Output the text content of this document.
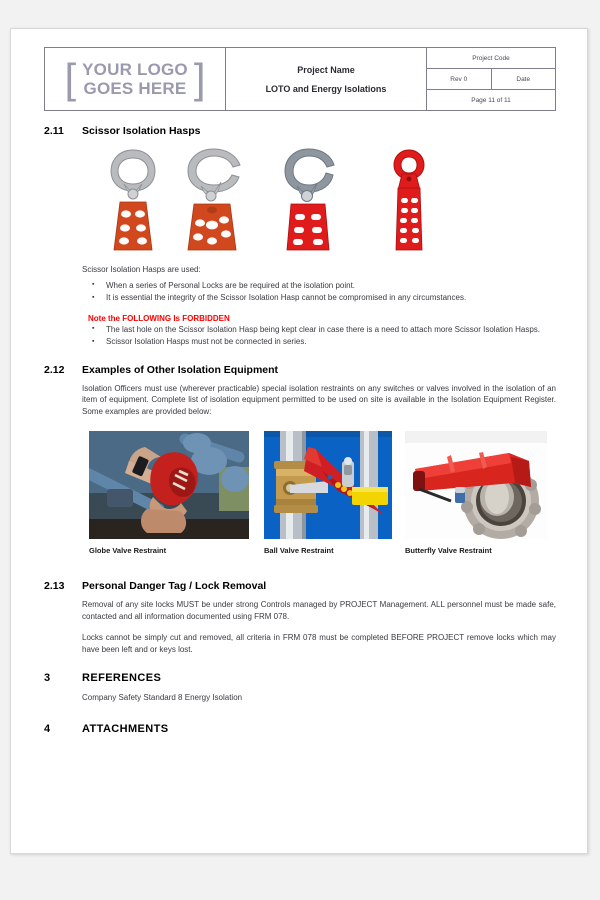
[ YOUR LOGO
GOES HERE ]	Project Name
LOTO and Energy Isolations

Project Code
Rev 0	Date
Page 11 of 11
2.11	Scissor Isolation Hasps
Scissor Isolation Hasps are used:
▪ When a series of Personal Locks are be required at the isolation point.
▪ It is essential the integrity of the Scissor Isolation Hasp cannot be compromised in any circumstances.
Note the FOLLOWING Is FORBIDDEN
▪ The last hole on the Scissor Isolation Hasp being kept clear in case there is a need to attach more Scissor Isolation Hasps.
▪ Scissor Isolation Hasps must not be connected in series.
2.12	Examples of Other Isolation Equipment
Isolation Officers must use (wherever practicable) special isolation restraints on any switches or valves involved in the isolation of an item of equipment. Complete list of isolation equipment permitted to be used on site is available in the Isolation Equipment Register. Some examples are provided below:
Globe Valve Restraint	Ball Valve Restraint	Butterfly Valve Restraint
2.13	Personal Danger Tag / Lock Removal
Removal of any site locks MUST be under strong Controls managed by PROJECT Management. ALL personnel must be made safe, contacted and all information documented using FRM 078.
Locks cannot be simply cut and removed, all criteria in FRM 078 must be completed BEFORE PROJECT remove locks which may have been left and or keys lost.
3	REFERENCES
Company Safety Standard 8 Energy Isolation
4	ATTACHMENTS
